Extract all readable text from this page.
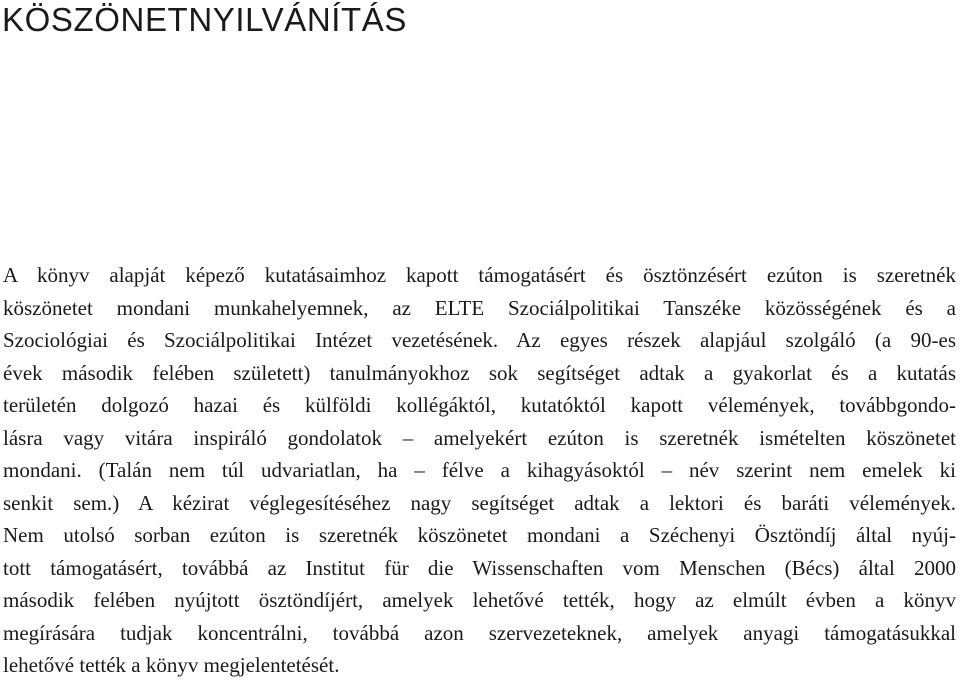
KÖSZÖNETNYILVÁNÍTÁS
A könyv alapját képező kutatásaimhoz kapott támogatásért és ösztönzésért ezúton is szeretnék
köszönetet mondani munkahelyemnek, az ELTE Szociálpolitikai Tanszéke közösségének és a
Szociológiai és Szociálpolitikai Intézet vezetésének. Az egyes részek alapjául szolgáló (a 90-es
évek második felében született) tanulmányokhoz sok segítséget adtak a gyakorlat és a kutatás
területén dolgozó hazai és külföldi kollégáktól, kutatóktól kapott vélemények, továbbgondo-
lásra vagy vitára inspiráló gondolatok – amelyekért ezúton is szeretnék ismételten köszönetet
mondani. (Talán nem túl udvariatlan, ha – félve a kihagyásoktól – név szerint nem emelek ki
senkit sem.) A kézirat véglegesítéséhez nagy segítséget adtak a lektori és baráti vélemények.
Nem utolsó sorban ezúton is szeretnék köszönetet mondani a Széchenyi Ösztöndíj által nyúj-
tott támogatásért, továbbá az Institut für die Wissenschaften vom Menschen (Bécs) által 2000
második felében nyújtott ösztöndíjért, amelyek lehetővé tették, hogy az elmúlt évben a könyv
megírására tudjak koncentrálni, továbbá azon szervezeteknek, amelyek anyagi támogatásukkal
lehetővé tették a könyv megjelentetését.
